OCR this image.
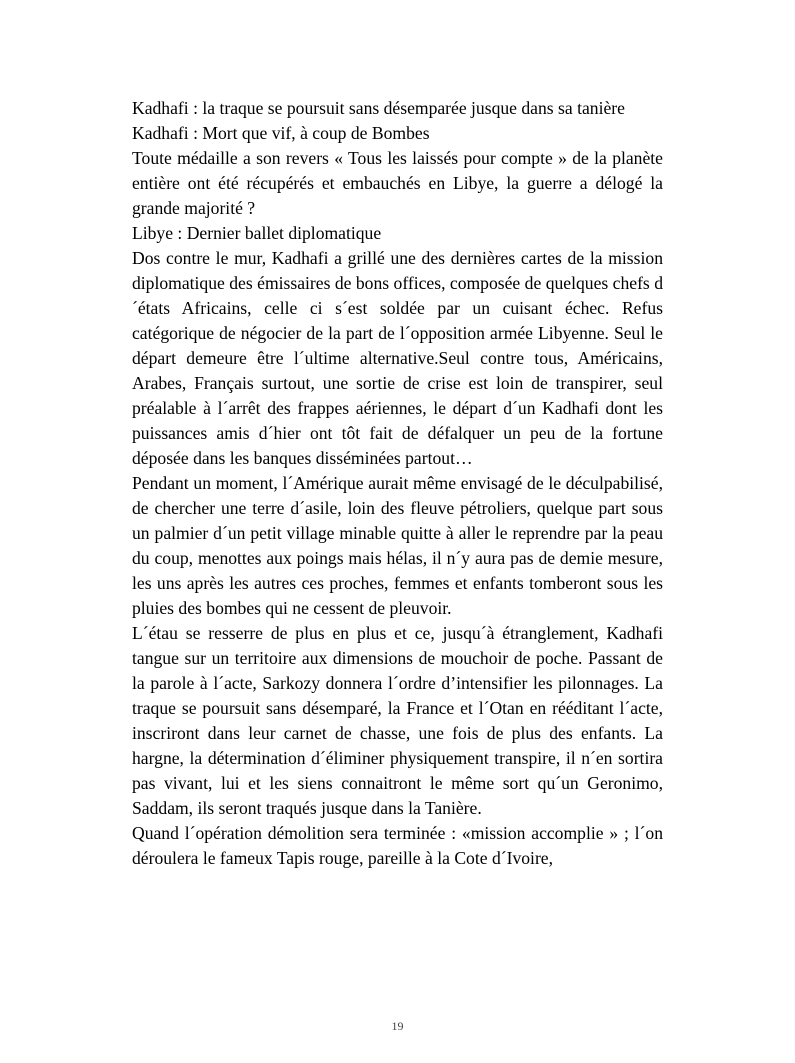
Kadhafi : la traque se poursuit sans désemparée jusque dans sa tanière

Kadhafi : Mort que vif, à coup de Bombes

Toute médaille a son revers « Tous les laissés pour compte » de la planète entière ont été récupérés et embauchés en Libye, la guerre a délogé la grande majorité ?

Libye : Dernier ballet diplomatique

Dos contre le mur, Kadhafi a grillé une des dernières cartes de la mission diplomatique des émissaires de bons offices, composée de quelques chefs d´états Africains, celle ci s´est soldée par un cuisant échec. Refus catégorique de négocier de la part de l´opposition armée Libyenne. Seul le départ demeure être l´ultime alternative.Seul contre tous, Américains, Arabes, Français surtout, une sortie de crise est loin de transpirer, seul préalable à l´arrêt des frappes aériennes, le départ d´un Kadhafi dont les puissances amis d´hier ont tôt fait de défalquer un peu de la fortune déposée dans les banques disséminées partout…

Pendant un moment, l´Amérique aurait même envisagé de le déculpabilisé, de chercher une terre d´asile, loin des fleuve pétroliers, quelque part sous un palmier d´un petit village minable quitte à aller le reprendre par la peau du coup, menottes aux poings mais hélas, il n´y aura pas de demie mesure, les uns après les autres ces proches, femmes et enfants tomberont sous les pluies des bombes qui ne cessent de pleuvoir.

L´étau se resserre de plus en plus et ce, jusqu´à étranglement, Kadhafi tangue sur un territoire aux dimensions de mouchoir de poche. Passant de la parole à l´acte, Sarkozy donnera l´ordre d’intensifier les pilonnages. La traque se poursuit sans désemparé, la France et l´Otan en rééditant l´acte, inscriront dans leur carnet de chasse, une fois de plus des enfants. La hargne, la détermination d´éliminer physiquement transpire, il n´en sortira pas vivant, lui et les siens connaitront le même sort qu´un Geronimo, Saddam, ils seront traqués jusque dans la Tanière.

Quand l´opération démolition sera terminée : «mission accomplie » ; l´on déroulera le fameux Tapis rouge, pareille à la Cote d´Ivoire,

19
